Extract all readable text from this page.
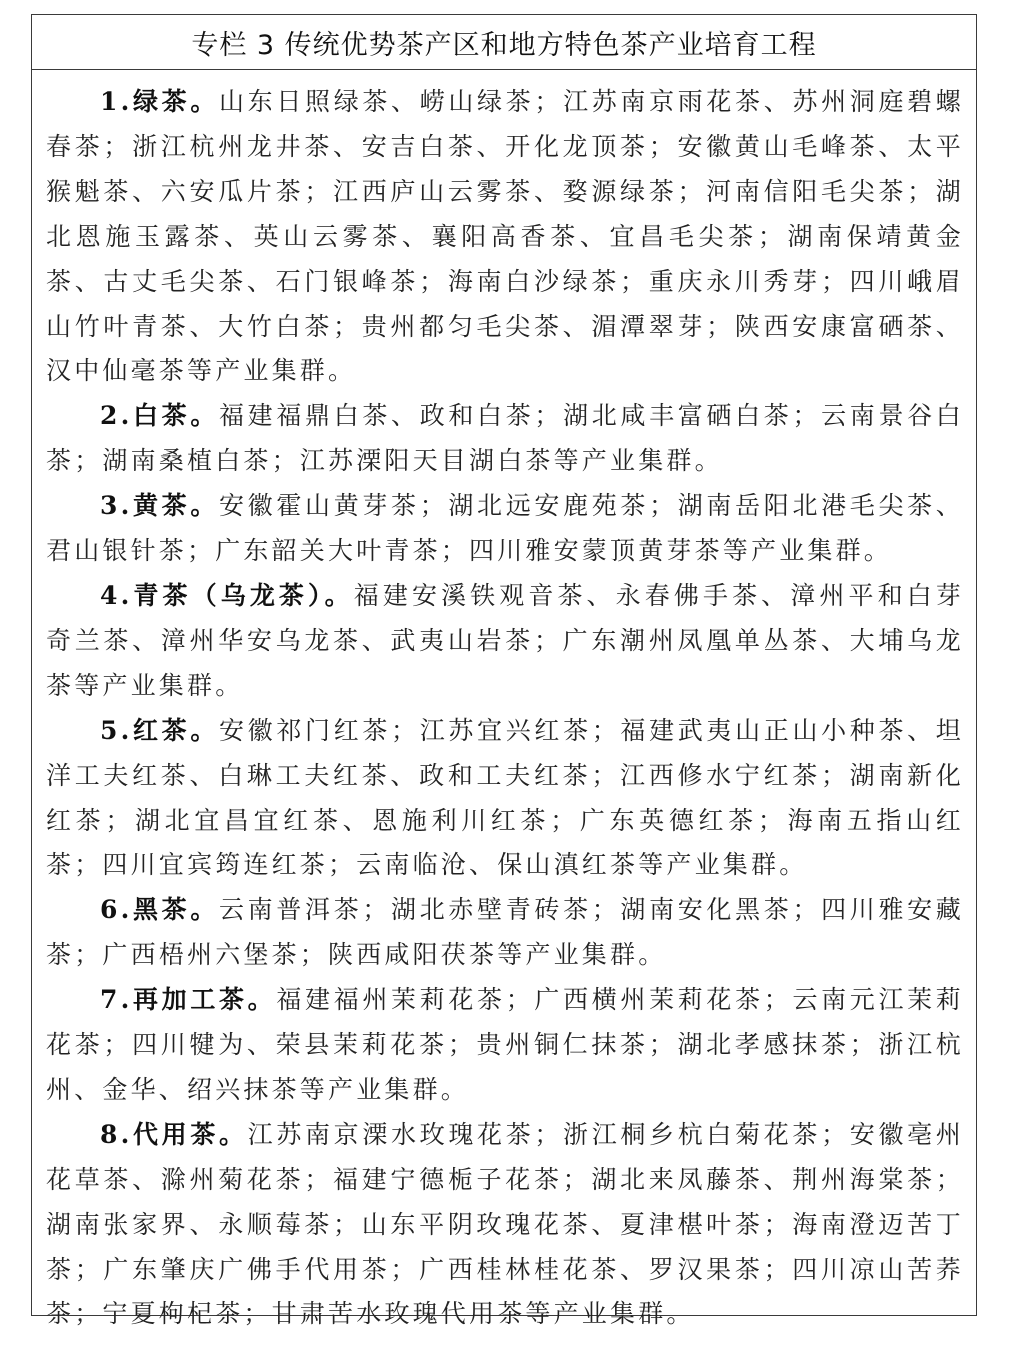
专栏 3 传统优势茶产区和地方特色茶产业培育工程

1.绿茶。山东日照绿茶、崂山绿茶；江苏南京雨花茶、苏州洞庭碧螺春茶；浙江杭州龙井茶、安吉白茶、开化龙顶茶；安徽黄山毛峰茶、太平猴魁茶、六安瓜片茶；江西庐山云雾茶、婺源绿茶；河南信阳毛尖茶；湖北恩施玉露茶、英山云雾茶、襄阳高香茶、宜昌毛尖茶；湖南保靖黄金茶、古丈毛尖茶、石门银峰茶；海南白沙绿茶；重庆永川秀芽；四川峨眉山竹叶青茶、大竹白茶；贵州都匀毛尖茶、湄潭翠芽；陕西安康富硒茶、汉中仙毫茶等产业集群。

2.白茶。福建福鼎白茶、政和白茶；湖北咸丰富硒白茶；云南景谷白茶；湖南桑植白茶；江苏溧阳天目湖白茶等产业集群。

3.黄茶。安徽霍山黄芽茶；湖北远安鹿苑茶；湖南岳阳北港毛尖茶、君山银针茶；广东韶关大叶青茶；四川雅安蒙顶黄芽茶等产业集群。

4.青茶（乌龙茶）。福建安溪铁观音茶、永春佛手茶、漳州平和白芽奇兰茶、漳州华安乌龙茶、武夷山岩茶；广东潮州凤凰单丛茶、大埔乌龙茶等产业集群。

5.红茶。安徽祁门红茶；江苏宜兴红茶；福建武夷山正山小种茶、坦洋工夫红茶、白琳工夫红茶、政和工夫红茶；江西修水宁红茶；湖南新化红茶；湖北宜昌宜红茶、恩施利川红茶；广东英德红茶；海南五指山红茶；四川宜宾筠连红茶；云南临沧、保山滇红茶等产业集群。

6.黑茶。云南普洱茶；湖北赤壁青砖茶；湖南安化黑茶；四川雅安藏茶；广西梧州六堡茶；陕西咸阳茯茶等产业集群。

7.再加工茶。福建福州茉莉花茶；广西横州茉莉花茶；云南元江茉莉花茶；四川犍为、荣县茉莉花茶；贵州铜仁抹茶；湖北孝感抹茶；浙江杭州、金华、绍兴抹茶等产业集群。

8.代用茶。江苏南京溧水玫瑰花茶；浙江桐乡杭白菊花茶；安徽亳州花草茶、滁州菊花茶；福建宁德栀子花茶；湖北来凤藤茶、荆州海棠茶；湖南张家界、永顺莓茶；山东平阴玫瑰花茶、夏津椹叶茶；海南澄迈苦丁茶；广东肇庆广佛手代用茶；广西桂林桂花茶、罗汉果茶；四川凉山苦荞茶；宁夏枸杞茶；甘肃苦水玫瑰代用茶等产业集群。
